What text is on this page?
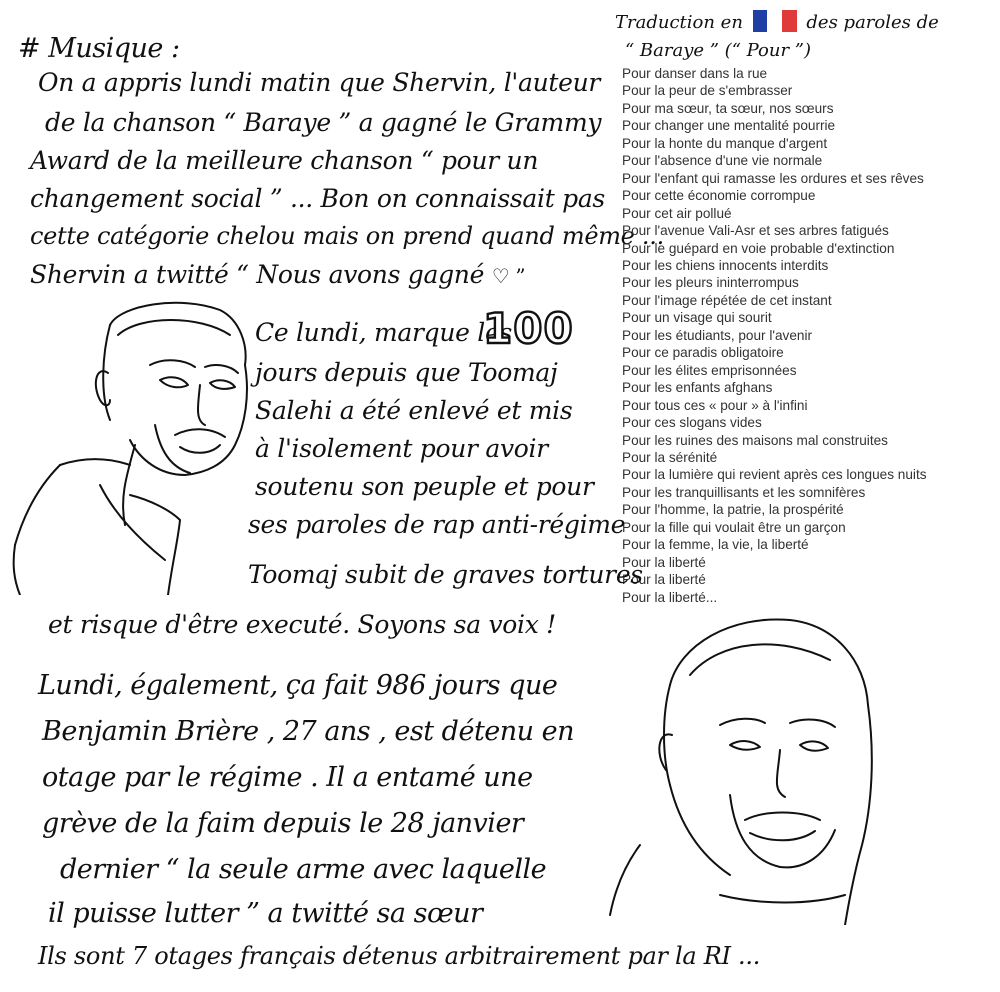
# Musique :
On a appris lundi matin que Shervin, l'auteur
de la chanson “ Baraye ” a gagné le Grammy
Award de la meilleure chanson “ pour un
changement social ” ... Bon on connaissait pas
cette catégorie chelou mais on prend quand même ...
Shervin a twitté “ Nous avons gagné ♡ ”
Traduction en	des paroles de
“ Baraye ” (“ Pour ”)
Pour danser dans la rue
Pour la peur de s'embrasser
Pour ma sœur, ta sœur, nos sœurs
Pour changer une mentalité pourrie
Pour la honte du manque d'argent
Pour l'absence d'une vie normale
Pour l'enfant qui ramasse les ordures et ses rêves
Pour cette économie corrompue
Pour cet air pollué
Pour l'avenue Vali-Asr et ses arbres fatigués
Pour le guépard en voie probable d'extinction
Pour les chiens innocents interdits
Pour les pleurs ininterrompus
Pour l'image répétée de cet instant
Pour un visage qui sourit
Pour les étudiants, pour l'avenir
Pour ce paradis obligatoire
Pour les élites emprisonnées
Pour les enfants afghans
Pour tous ces « pour » à l'infini
Pour ces slogans vides
Pour les ruines des maisons mal construites
Pour la sérénité
Pour la lumière qui revient après ces longues nuits
Pour les tranquillisants et les somnifères
Pour l'homme, la patrie, la prospérité
Pour la fille qui voulait être un garçon
Pour la femme, la vie, la liberté
Pour la liberté
Pour la liberté
Pour la liberté...
Ce lundi, marque les
100
jours depuis que Toomaj
Salehi a été enlevé et mis
à l'isolement pour avoir
soutenu son peuple et pour
ses paroles de rap anti-régime
Toomaj subit de graves tortures
et risque d'être executé. Soyons sa voix !
Lundi, également, ça fait 986 jours que
Benjamin Brière , 27 ans , est détenu en
otage par le régime . Il a entamé une
grève de la faim depuis le 28 janvier
dernier “ la seule arme avec laquelle
il puisse lutter ” a twitté sa sœur
Ils sont 7 otages français détenus arbitrairement par la RI ...
